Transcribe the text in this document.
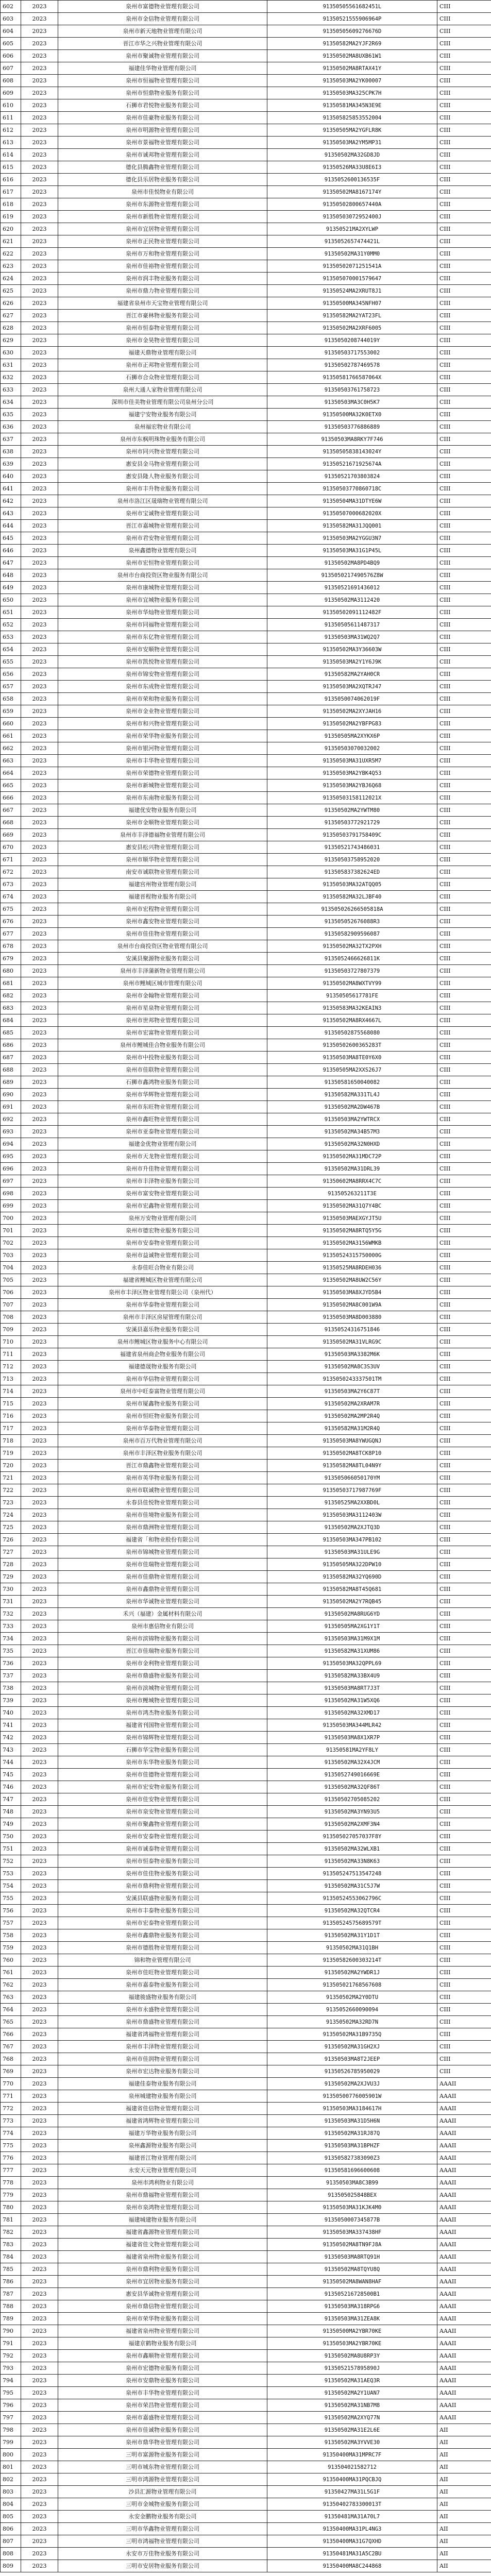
602	2023	泉州市富德物业管理有限公司	91350505561682451L	CIII
603	2023	泉州市金信物业管理有限公司	91350521555906964P	CIII
604	2023	泉州市新天地物业管理有限公司	91350505609276676D	CIII
605	2023	晋江市华之兴物业管理有限公司	91350582MA2YJF2R69	CIII
606	2023	泉州市聚诚物业管理有限公司	91350502MA8UXB61W1	CIII
607	2023	福建佳华物业管理有限公司	91350502MA8RTAX41Y	CIII
608	2023	泉州市恒福物业管理有限公司	91350503MA2YK00007	CIII
609	2023	泉州市恒鼎物业服务有限公司	91350503MA325CPK7H	CIII
610	2023	石狮市君悦物业服务有限公司	91350581MA345N3E9E	CIII
611	2023	泉州市佳豪物业服务有限公司	913505825853552004	CIII
612	2023	泉州市明源物业管理有限公司	91350505MA2YGFLR8K	CIII
613	2023	泉州市景福物业管理有限公司	91350503MA2YM5MP31	CIII
614	2023	泉州市诚邦物业管理有限公司	91350502MA32GD8JD	CIII
615	2023	德化县腾鑫物业管理有限公司	91350526MA33U8E6I3	CIII
616	2023	德化县乐居物业服务有限公司	9135052600136535F	CIII
617	2023	泉州市佳悦物业有限公司	91350502MA8167174Y	CIII
618	2023	泉州市东源物业管理有限公司	91350502800657440A	CIII
619	2023	泉州市新胜物业管理有限公司	91350503072952400J	CIII
620	2023	泉州市宜居物业管理有限公司	91350521MA2XYLWP	CIII
621	2023	泉州市正民物业管理有限公司	9135052657474421L	CIII
622	2023	泉州市万和物业管理有限公司	91350502MA31Y0MM0	CIII
623	2023	泉州市佳裕物业管理有限公司	91350502071251541A	CIII
624	2023	泉州市润丰物业服务有限公司	913505070001579647	CIII
625	2023	泉州市鼎力物业管理有限公司	91350524MA2XRUT8J1	CIII
626	2023	福建省泉州市天宝物业管理有限公司	91350500MA345NFH07	CIII
627	2023	晋江市豪林物业服务有限公司	91350582MA2YAT23FL	CIII
628	2023	泉州市恒泰物业管理有限公司	91350502MA2XRF6005	CIII
629	2023	泉州市金昊物业管理有限公司	9135050208744019Y	CIII
630	2023	福建天鼎物业管理有限公司	91350503717553002	CIII
631	2023	泉州市正邦物业管理有限公司	91350502787469578	CIII
632	2023	石狮市合众物业管理有限公司	91350581766587064X	CIII
633	2023	泉州大通人家物业管理有限公司	91350503761758723	CIII
634	2023	深圳市佳美物业管理有限公司泉州分公司	91350503MA3C0H5K7	CIII
635	2023	福建宁安物业服务有限公司	91350500MA32K0ETX0	CIII
636	2023	泉州福宏物业有限公司	91350503776886889	CIII
637	2023	泉州市东枫明珠物业服务有限公司	91350503MA8RKY7F746	CIII
638	2023	泉州市同兴物业管理有限公司	91350505838143024Y	CIII
639	2023	惠安县金马物业管理有限公司	91350521671925674A	CIII
640	2023	惠安县隆人物业服务有限公司	91350521703803824	CIII
641	2023	泉州市丰升物业服务有限公司	91350503770860718C	CIII
642	2023	泉州市洛江区晟瑞物业管理有限公司	91350504MA31DTYE6W	CIII
643	2023	泉州市宝诚物业管理有限公司	91350507000682020X	CIII
644	2023	晋江市嘉城物业管理有限公司	91350582MA31JQQ001	CIII
645	2023	泉州市君安物业管理有限公司	91350503MA2YGGU3N7	CIII
646	2023	泉州鑫德物业管理有限公司	91350503MA31G1P45L	CIII
647	2023	泉州市宏恒物业管理有限公司	91350502MA8PD4BQ9	CIII
648	2023	泉州市台商投资区物业服务有限公司	9135050217490576Z8W	CIII
649	2023	泉州市康城物业管理有限公司	91350521691436012	CIII
650	2023	泉州市宜城物业服务有限公司	91350502MA3112420	CIII
651	2023	泉州市华灿物业管理有限公司	91350502091112482F	CIII
652	2023	泉州市同福物业管理有限公司	91350505611487317	CIII
653	2023	泉州市东亿物业管理有限公司	91350503MA31WQ2Q7	CIII
654	2023	泉州市安顺物业管理有限公司	91350502MA3Y36603W	CIII
655	2023	泉州市凯悦物业管理有限公司	91350503MA2Y1Y6J9K	CIII
656	2023	泉州市锦安物业管理有限公司	91350582MA2YAH0CR	CIII
657	2023	泉州市东成物业管理有限公司	91350503MA2XQTRJ47	CIII
658	2023	泉州市荣和物业服务有限公司	9135050074062019F	CIII
659	2023	泉州市金业物业管理有限公司	91350502MA2XYJAH16	CIII
660	2023	泉州市和兴物业管理有限公司	91350502MA2YBFPG83	CIII
661	2023	泉州市荣华物业服务有限公司	91350505MA2XYKX6P	CIII
662	2023	泉州市银河物业管理有限公司	91350503070032002	CIII
663	2023	泉州市丰华物业管理有限公司	91350503MA31UXR5M7	CIII
664	2023	泉州市荣德物业管理有限公司	91350503MA2YBK4Q53	CIII
665	2023	泉州市新城物业管理有限公司	91350503MA2YBJ6Q68	CIII
666	2023	泉州市东南物业服务有限公司	91350503158112021X	CIII
667	2023	福建优安物业服务有限公司	91350502MA2YWTM80	CIII
668	2023	泉州市金顺物业管理有限公司	91350503772921729	CIII
669	2023	泉州市丰泽德福物业管理有限公司	91350503791758409C	CIII
670	2023	惠安县松兴物业管理有限公司	91350521743486031	CIII
671	2023	泉州市顺华物业管理有限公司	91350503758952020	CIII
672	2023	南安市诚联物业管理有限公司	913505837382624ED	CIII
673	2023	福建宫州物业管理有限公司	91350503MA32ATQQ05	CIII
674	2023	福建晋程物业服务有限公司	91350582MA32LJBF40	CIII
675	2023	泉州市宏程物业管理有限公司	913505026266505818A	CIII
676	2023	泉州市鑫安物业管理有限公司	913505052676088R3	CIII
677	2023	泉州市佳佳物业管理有限公司	91350582909596087	CIII
678	2023	泉州市台商投资区物业管理有限公司	91350502MA32TX2PXH	CIII
679	2023	安溪县聚源物业服务有限公司	9135052466626811K	CIII
680	2023	泉州市丰泽蒲新物业管理有限公司	91350503727807379	CIII
681	2023	泉州市鲤城区城市管理有限公司	91350502MA8WXTVY99	CIII
682	2023	泉州市金翰物业管理有限公司	91350505617781FE	CIII
683	2023	泉州市星泉物业管理有限公司	91350583MA32KEAIN3	CIII
684	2023	泉州市世邦物业管理有限公司	91350502MA8RX4667L	CIII
685	2023	泉州市宏富物业管理有限公司	91350502875568080	CIII
686	2023	泉州市鲤城佳合物业服务有限公司	91350502600365283T	CIII
687	2023	泉州市中投物业服务有限公司	91350503MA8TE0Y6X0	CIII
688	2023	泉州市佳联物业管理有限公司	91350505MA2XXS26J7	CIII
689	2023	石狮市鑫鸿物业服务有限公司	91350581650040082	CIII
690	2023	泉州市华辉物业管理有限公司	91350582MA331TL4J	CIII
691	2023	泉州市东旺物业管理有限公司	91350502MA2DW467B	CIII
692	2023	泉州市鑫旺物业管理有限公司	91350503MA2YWTRCX	CIII
693	2023	泉州市亚泰物业管理有限公司	91350502MA34B57M3	CIII
694	2023	福建金优物业管理有限公司	91350502MA32N0HXD	CIII
695	2023	泉州市天龙物业管理有限公司	91350502MA31MDC72P	CIII
696	2023	泉州市升佳物业管理有限公司	91350502MA31DRL39	CIII
697	2023	泉州市丰泽物业服务有限公司	91350602MA8RRX4C7C	CIII
698	2023	泉州市富安物业管理有限公司	913505263211T3E	CIII
699	2023	泉州市宏鑫物业管理有限公司	91350502MA31Q7Y4BC	CIII
700	2023	泉州万安物业管理有限公司	91350503MAEXGYJT5U	CIII
701	2023	泉州市德宏物业服务有限公司	91350502MA8RTQ5Y5G	CIII
702	2023	泉州市安泰物业管理有限公司	91350502MA3156WMKB	CIII
703	2023	泉州市益诚物业管理有限公司	91350524315750000G	CIII
704	2023	永春佳旺合物业有限公司	91350525MA8RDEH036	CIII
705	2023	福建省鲤城区物业管理有限公司	91350502MA8UW2C56Y	CIII
706	2023	泉州市丰泽区物业管理有限公司（泉州代）	91350503MA8XJYD5B4	CIII
707	2023	泉州市华泰物业管理有限公司	91350502MA8C001W9A	CIII
708	2023	泉州市丰泽区房屋管理有限公司	91350503MA8D003880	CIII
709	2023	安溪县嘉乐物业服务有限公司	91350524316751846	CIII
710	2023	泉州市鲤城区物业服务中心有限公司	91350502MA31VLRG9C	CIII
711	2023	福建省泉州商企物业服务有限公司	91350503MA3382M6K	CIII
712	2023	福建德晟物业服务有限公司	91350502MA8C3S3UV	CIII
713	2023	泉州市华信物业管理有限公司	9135050243337501TM	CIII
714	2023	泉州市中旺泰富物业管理有限公司	91350503MA2Y6C87T	CIII
715	2023	泉州市厦鑫物业服务有限公司	91350502MA2XRAM7R	CIII
716	2023	泉州市恒旺物业服务有限公司	91350502MA2MP2R4Q	CIII
717	2023	泉州市华泰物业管理有限公司	91350582MA31M2R4Q	CIII
718	2023	泉州市百万代物业管理有限公司	91350503MA8YWUGQNJ	CIII
719	2023	泉州市丰泽区物业服务有限公司	91350502MA8TCK8P10	CIII
720	2023	晋江市鼎鑫物业管理有限公司	91350582MA8TL04N9Y	CIII
721	2023	泉州市英华物业服务有限公司	913505066050170YM	CIII
722	2023	泉州市联诚物业管理有限公司	91350503717987769F	CIII
723	2023	永春县佳悦物业管理有限公司	91350525MA2XXBD0L	CIII
724	2023	泉州市佳境物业服务有限公司	91350503MA3112403W	CIII
725	2023	泉州市鼎洲物业管理有限公司	91350502MA2XJTQ3D	CIII
726	2023	福建省「和物业股份有限公司	91350503MA347PB102	CIII
727	2023	泉州市锦城物业管理有限公司	91350503MA31ULE9G	CIII
728	2023	泉州市佳瑞物业管理有限公司	91350505MA322DPW10	CIII
729	2023	泉州市佳鼎物业管理有限公司	91350582MA32YQ690D	CIII
730	2023	泉州市鑫鼎物业管理有限公司	91350582MA8T45Q681	CIII
731	2023	泉州市华诚物业管理有限公司	91350502MA2Y7RQB45	CIII
732	2023	禾兴（福建）金属材料有限公司	91350502MA8RUG6YD	CIII
733	2023	泉州市惠信物业有限公司	91350505MA2XG1Y1T	CIII
734	2023	泉州市滨锦物业服务有限公司	91350503MA31M9X1M	CIII
735	2023	晋江市佳瑞物业服务有限公司	91350582MA31XUM86	CIII
736	2023	泉州市金利物业管理有限公司	91350503MA32QPPL69	CIII
737	2023	泉州市鼎盛物业服务有限公司	91350582MA33BX4U9	CIII
738	2023	泉州市滨城物业管理有限公司	91350503MA8RT7J3T	CIII
739	2023	泉州市鲤城物业管理有限公司	91350502MA31W5XQ6	CIII
740	2023	泉州市鸿杰物业服务有限公司	91350502MA32XMD17	CIII
741	2023	福建省刊国物业管理有限公司	91350503MA344MLR42	CIII
742	2023	泉州市锦辉物业管理有限公司	91350503MA8X1XR7P	CIII
743	2023	石狮市华宝物业服务有限公司	91350581MA2YF8LY	CIII
744	2023	泉州市东华物业服务有限公司	91350502MA32X4JCM	CIII
745	2023	泉州市佳德物业管理有限公司	9135052749016669E	CIII
746	2023	泉州市宏安物业服务有限公司	91350502MA32QF86T	CIII
747	2023	泉州市佳安物业管理有限公司	91350502705085202	CIII
748	2023	泉州市泉安物业管理有限公司	91350502MA3YN93U5	CIII
749	2023	泉州市聚鑫物业管理有限公司	91350502MA2XMF3N4	CIII
750	2023	泉州市安泰物业管理有限公司	913505027057037F8Y	CIII
751	2023	泉州市诚泰物业管理有限公司	91350502MA32WLXB1	CIII
752	2023	泉州市恒泰物业服务有限公司	91350502MA33N8K63	CIII
753	2023	泉州市佳佳物业服务有限公司	913505247513547248	CIII
754	2023	泉州市鼎利物业管理有限公司	91350502MA31C5J7W	CIII
755	2023	安溪县联盛物业服务有限公司	91350524553062796C	CIII
756	2023	泉州市丰泰物业服务有限公司	91350502MA32QTCR4	CIII
757	2023	泉州市宏泰物业管理有限公司	91350524575689579T	CIII
758	2023	泉州市鑫鼎物业服务有限公司	91350502MA31Y1D1T	CIII
759	2023	泉州市德胜物业管理有限公司	91350502MA31Q1BH	CIII
760	2023	锦和物业管理有限公司	91350582600303214T	CIII
761	2023	泉州市佳旺物业管理有限公司	91350502MA2YWDR1J	CIII
762	2023	泉州市嘉泰物业服务有限公司	913505021768567608	CIII
763	2023	福建骏盛物业服务有限公司	91350502MA2Y0DTU	CIII
764	2023	泉州市永盛物业管理有限公司	9135052660090094	CIII
765	2023	泉州市鼎盛物业管理有限公司	91350502MA32RD7N	CIII
766	2023	福建省鸿福物业管理有限公司	91350502MA31B9735Q	CIII
767	2023	泉州市丰泽物业管理有限公司	91350502MA31GH2XJ	CIII
768	2023	泉州市佳润物业管理有限公司	91350503MA8T2JEEP	CIII
769	2023	泉州市宏达物业服务有限公司	91350526785950029	CIII
770	2023	福建佳泰物业服务有限公司	91350502MA2XJVU3J	AAAII
771	2023	泉州城建物业服务有限公司	91350500776005901W	AAAII
772	2023	福建省佳信物业管理有限公司	91350503MA3184617H	AAAII
773	2023	福建省鸿辉物业管理有限公司	91350503MA31D5H6N	AAAII
774	2023	福建万华物业服务有限公司	91350502MA31RJ87Q	AAAII
775	2023	泉州鑫源物业服务有限公司	91350503MA31BPHZF	AAAII
776	2023	福建晋江物业管理有限公司	913505827383090Z3	AAAII
777	2023	永安天元物业管理有限公司	91350581696600608	AAAII
778	2023	泉州市鸿利物业有限公司	91350503MA8C3B99	AAAII
779	2023	泉州市鼎福物业管理有限公司	913505025848BEX	AAAII
780	2023	泉州市泉鸿物业管理有限公司	91350503MA31KJK4M0	AAAII
781	2023	福建城建物业服务有限公司	9135050007345877B	AAAII
782	2023	福建省鑫源物业管理有限公司	91350503MA337438HF	AAAII
783	2023	福建省佳文物业管理有限公司	91350502MA8TN9FJ8A	AAAII
784	2023	福建省泉州物业服务有限公司	91350503MA8RTQ91H	AAAII
785	2023	泉州市鼎利物业服务有限公司	91350502MA8TQYU8Q	AAAII
786	2023	泉州市宜居物业服务有限公司	91350502MA8WAN8HAF	AAAII
787	2023	惠安县华诚物业管理有限公司	913505216728500B1	AAAII
788	2023	泉州市鼎信物业管理有限公司	91350503MA318RPG6	AAAII
789	2023	泉州市荣华物业服务有限公司	91350503MA31ZEA8K	AAAII
790	2023	福建省泉州物业管理有限公司	91350500MA2YBR70KE	AAAII
791	2023	福建京鹤物业服务有限公司	91350503MA2YBR70KE	AAAII
792	2023	泉州市鑫顺物业管理有限公司	91350502MA8U8RP3Y	AAAII
793	2023	泉州市宏德物业服务有限公司	9135052157895890J	AAAII
794	2023	泉州市安鼎物业服务有限公司	91350502MA31AEQ3R	AAAII
795	2023	泉州市丰华物业管理有限公司	91350502MA2Y1UAN7	AAAII
796	2023	泉州市荣昌物业管理有限公司	91350502MA31NB7M8	AAAII
797	2023	泉州市嘉盛物业管理有限公司	91350502MA2XYQ77N	AAAII
798	2023	泉州市佳诚物业服务有限公司	91350502MA31E2L6E	AII
799	2023	泉州市鼎华物业管理有限公司	91350502MA3YVVE30	AII
800	2023	三明市富源物业服务有限公司	91350400MA31MPRC7F	AII
801	2023	三明市城东物业管理有限公司	913504021582712	AII
802	2023	三明市鸿源物业管理有限公司	91350400MA31PQCBJQ	AII
803	2023	沙县汇源物业管理有限公司	91350427MA31L5G1F	AII
804	2023	三明市金城物业服务有限公司	91350402783300013T	AII
805	2023	永安金鹏物业服务有限公司	91350481MA31A70L7	AII
806	2023	三明市华鑫物业管理有限公司	91350400MA31PL4NG3	AII
807	2023	三明市鸿福物业管理有限公司	91350400MA31G7QXHD	AII
808	2023	永安市万佳物业服务有限公司	91350481MA31A5C2BU	AII
809	2023	三明市安居物业服务有限公司	91350400MA8C244868	AII
